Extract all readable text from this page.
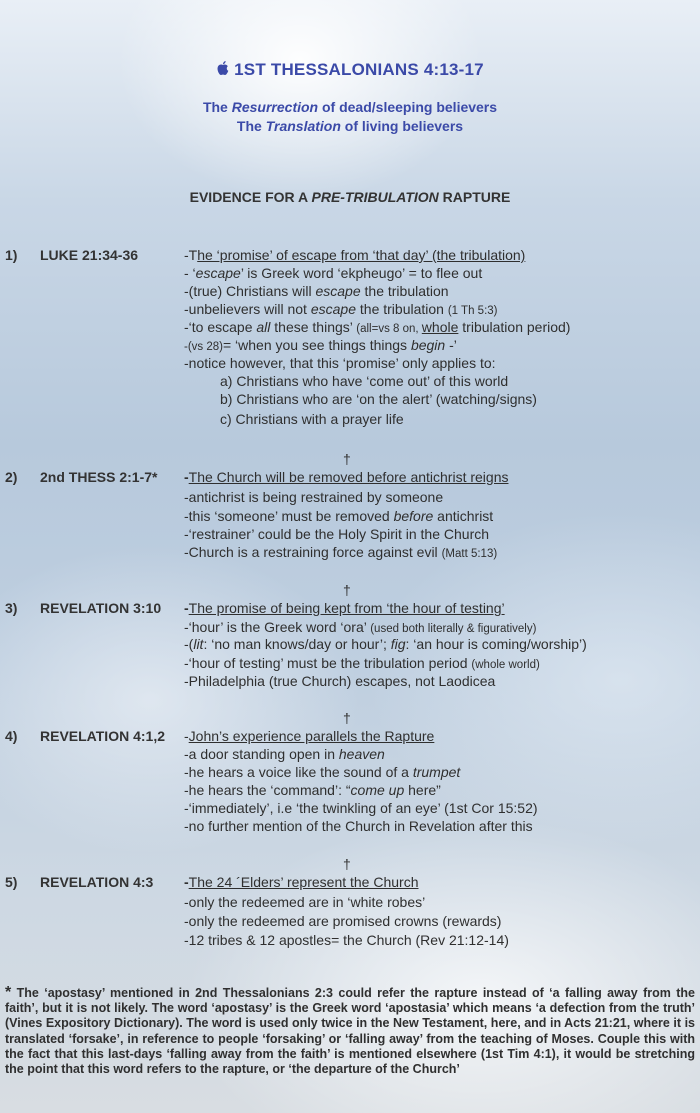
1ST THESSALONIANS 4:13-17
The Resurrection of dead/sleeping believers
The Translation of living believers
EVIDENCE FOR A PRE-TRIBULATION RAPTURE
1) LUKE 21:34-36	-The ‘promise’ of escape from ‘that day’ (the tribulation)
- ‘escape’ is Greek word ‘ekpheugo’ = to flee out
-(true) Christians will escape the tribulation
-unbelievers will not escape the tribulation (1 Th 5:3)
-‘to escape all these things’ (all=vs 8 on, whole tribulation period)
-(vs 28)= ‘when you see things things begin -’
-notice however, that this ‘promise’ only applies to:
a) Christians who have ‘come out’ of this world
b) Christians who are ‘on the alert’ (watching/signs)
c) Christians with a prayer life
†
2) 2nd THESS 2:1-7* -The Church will be removed before antichrist reigns
-antichrist is being restrained by someone
-this ‘someone’ must be removed before antichrist
-‘restrainer’ could be the Holy Spirit in the Church
-Church is a restraining force against evil (Matt 5:13)
†
3) REVELATION 3:10 -The promise of being kept from ‘the hour of testing’
-‘hour’ is the Greek word ‘ora’ (used both literally & figuratively)
-(lit: ‘no man knows/day or hour’; fig: ‘an hour is coming/worship’)
-‘hour of testing’ must be the tribulation period (whole world)
-Philadelphia (true Church) escapes, not Laodicea
†
4) REVELATION 4:1,2 -John’s experience parallels the Rapture
-a door standing open in heaven
-he hears a voice like the sound of a trumpet
-he hears the ‘command’: “come up here”
-‘immediately’, i.e ‘the twinkling of an eye’ (1st Cor 15:52)
-no further mention of the Church in Revelation after this
†
5) REVELATION 4:3 -The 24 ´Elders’ represent the Church
-only the redeemed are in ‘white robes’
-only the redeemed are promised crowns (rewards)
-12 tribes & 12 apostles= the Church (Rev 21:12-14)
* The ‘apostasy’ mentioned in 2nd Thessalonians 2:3 could refer the rapture instead of ‘a falling away from the faith’, but it is not likely. The word ‘apostasy’ is the Greek word ‘apostasia’ which means ‘a defection from the truth’ (Vines Expository Dictionary). The word is used only twice in the New Testament, here, and in Acts 21:21, where it is translated ‘forsake’, in reference to people ‘forsaking’ or ‘falling away’ from the teaching of Moses. Couple this with the fact that this last-days ‘falling away from the faith’ is mentioned elsewhere (1st Tim 4:1), it would be stretching the point that this word refers to the rapture, or ‘the departure of the Church’
